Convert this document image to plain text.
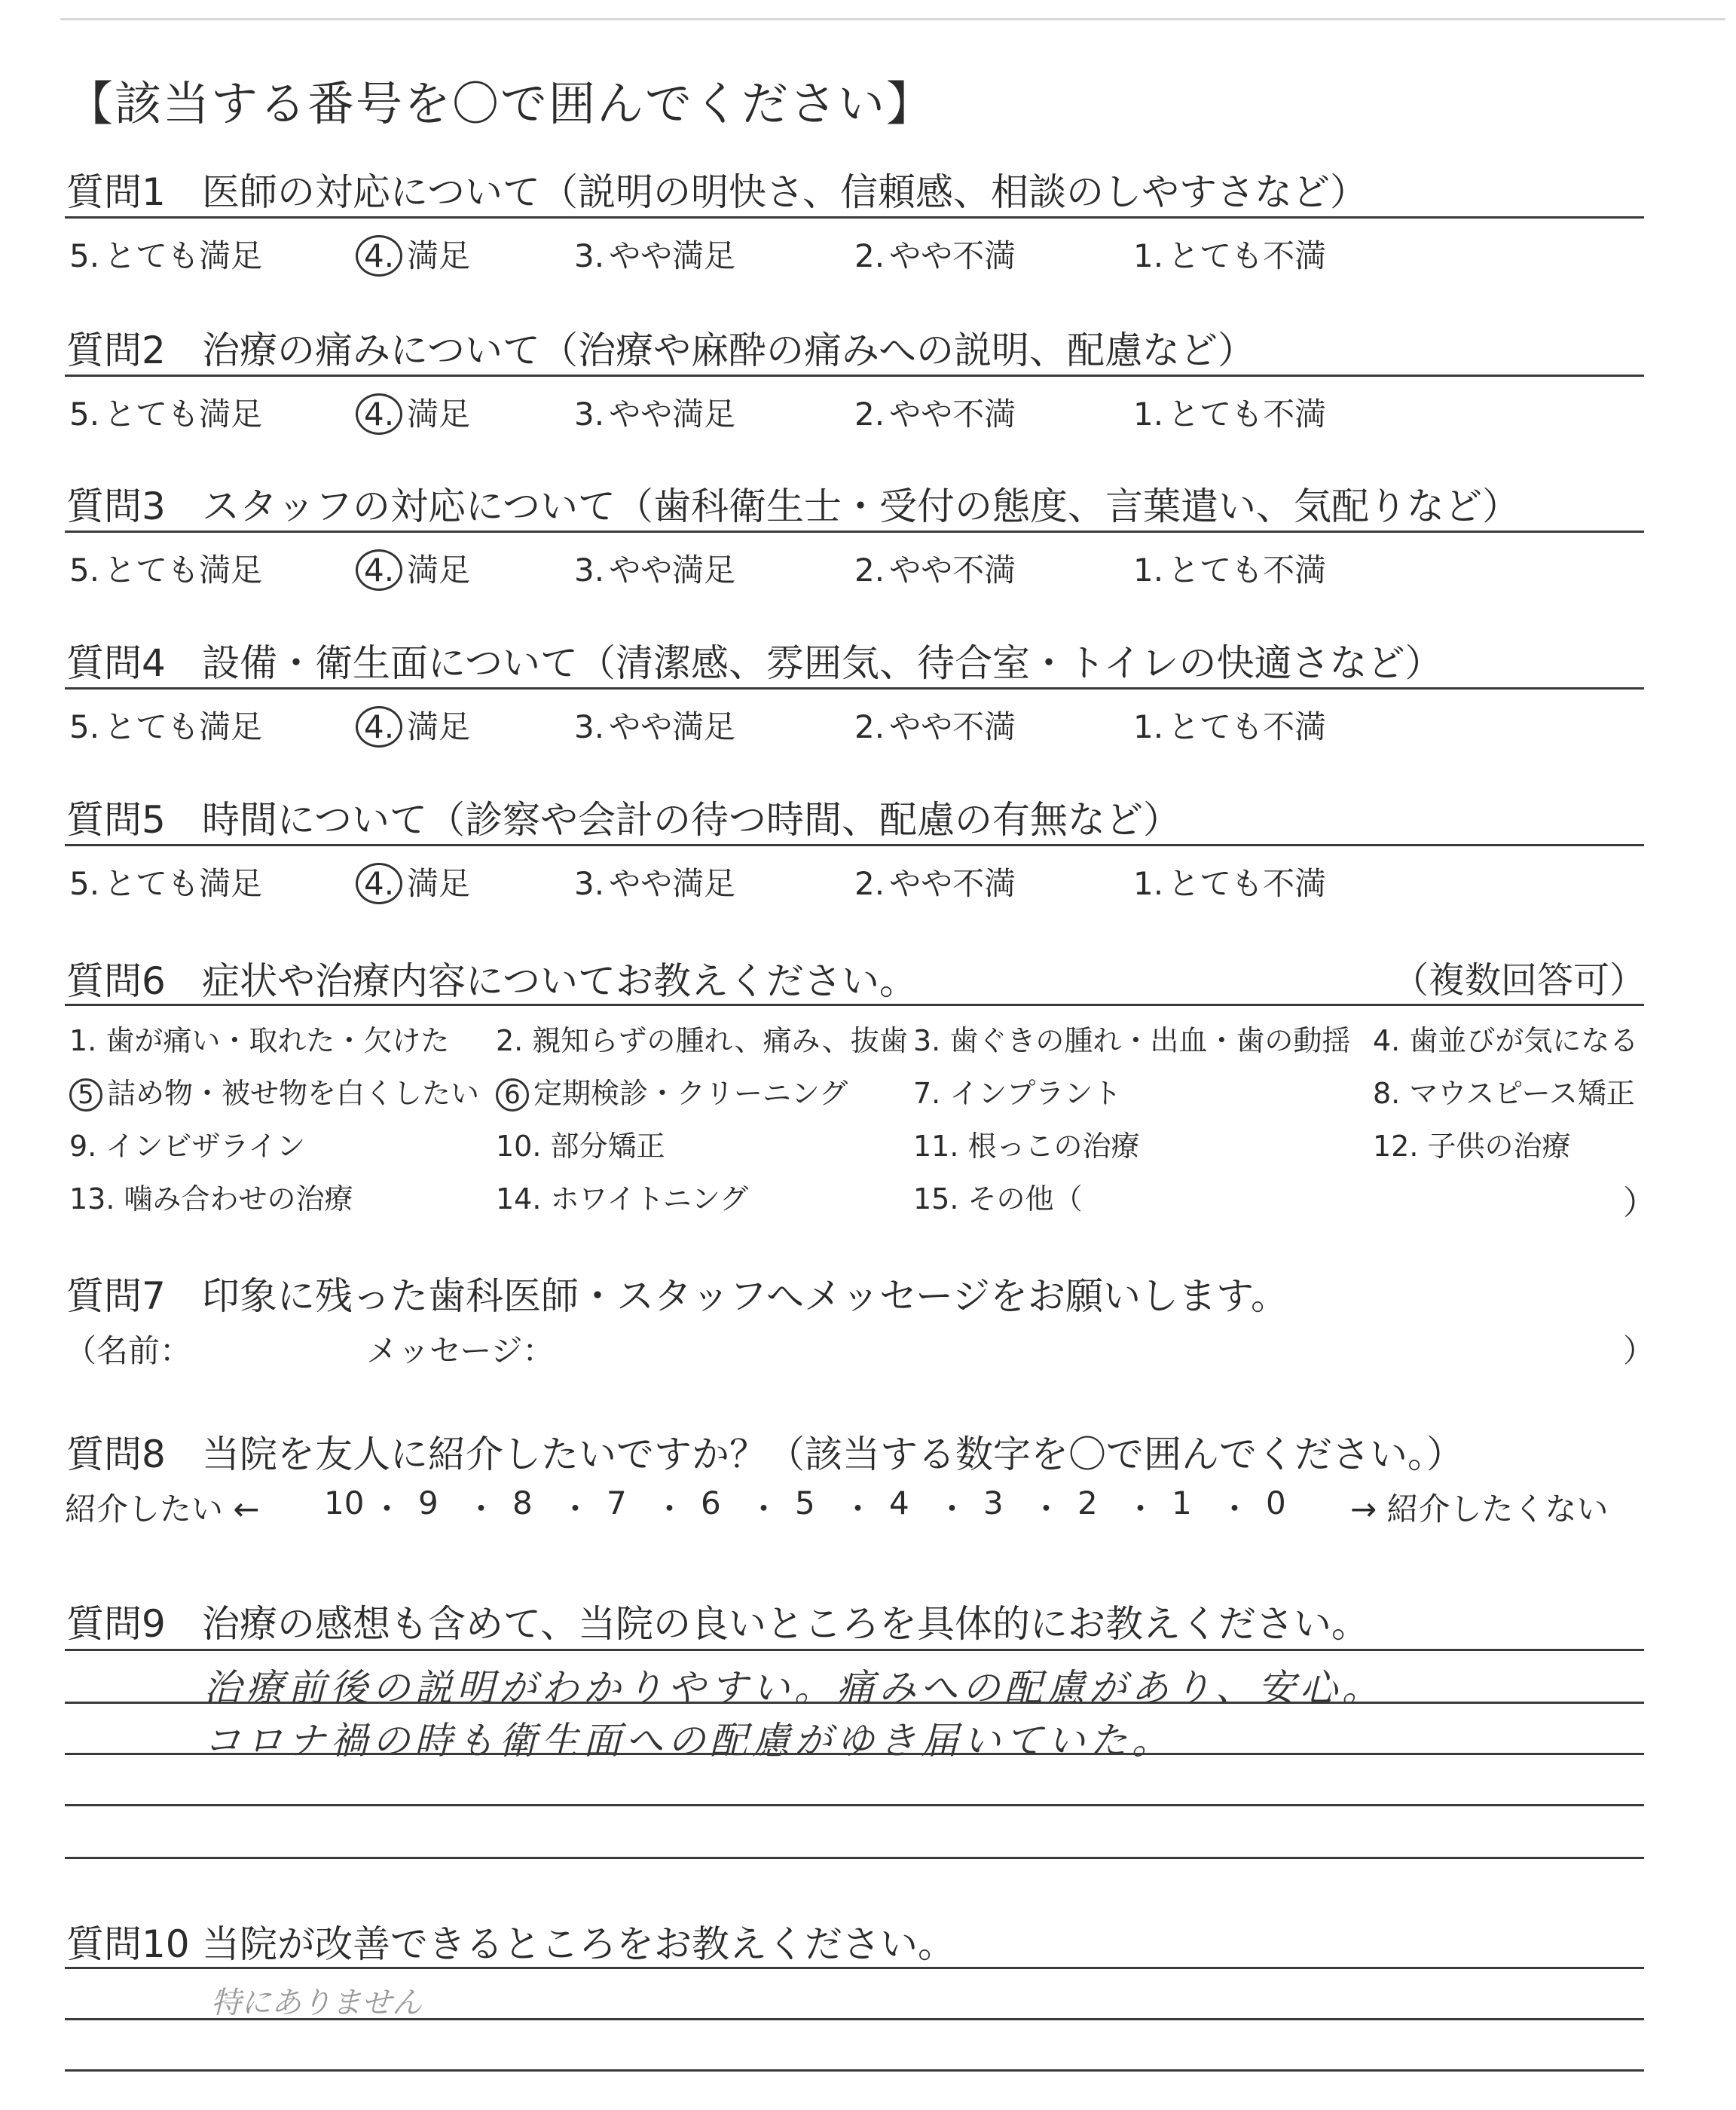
【該当する番号を〇で囲んでください】
質問1 医師の対応について（説明の明快さ、信頼感、相談のしやすさなど）
5. とても満足	4. 満足	3. やや満足	2. やや不満	1. とても不満
質問2 治療の痛みについて（治療や麻酔の痛みへの説明、配慮など）
5. とても満足	4. 満足	3. やや満足	2. やや不満	1. とても不満
質問3 スタッフの対応について（歯科衛生士・受付の態度、言葉遣い、気配りなど）
5. とても満足	4. 満足	3. やや満足	2. やや不満	1. とても不満
質問4 設備・衛生面について（清潔感、雰囲気、待合室・トイレの快適さなど）
5. とても満足	4. 満足	3. やや満足	2. やや不満	1. とても不満
質問5 時間について（診察や会計の待つ時間、配慮の有無など）
5. とても満足	4. 満足	3. やや満足	2. やや不満	1. とても不満
質問6 症状や治療内容についてお教えください。	（複数回答可）
1. 歯が痛い・取れた・欠けた 2. 親知らずの腫れ、痛み、抜歯 3. 歯ぐきの腫れ・出血・歯の動揺 4. 歯並びが気になる
5 詰め物・被せ物を白くしたい 6 定期検診・クリーニング 7. インプラント	8. マウスピース矯正
9. インビザライン	10. 部分矯正	11. 根っこの治療	12. 子供の治療
13. 噛み合わせの治療	14. ホワイトニング	15. その他（	）
質問7 印象に残った歯科医師・スタッフへメッセージをお願いします。
（名前：	メッセージ：	）
質問8 当院を友人に紹介したいですか？（該当する数字を〇で囲んでください。）
紹介したい ←	→ 紹介したくない
10 ・ 9 ・ 8 ・ 7 ・ 6 ・ 5 ・ 4 ・ 3 ・ 2 ・ 1 ・ 0
質問9 治療の感想も含めて、当院の良いところを具体的にお教えください。
治療前後の説明がわかりやすい。痛みへの配慮があり、安心。
コロナ禍の時も衛生面への配慮がゆき届いていた。
質問10 当院が改善できるところをお教えください。
特にありません
